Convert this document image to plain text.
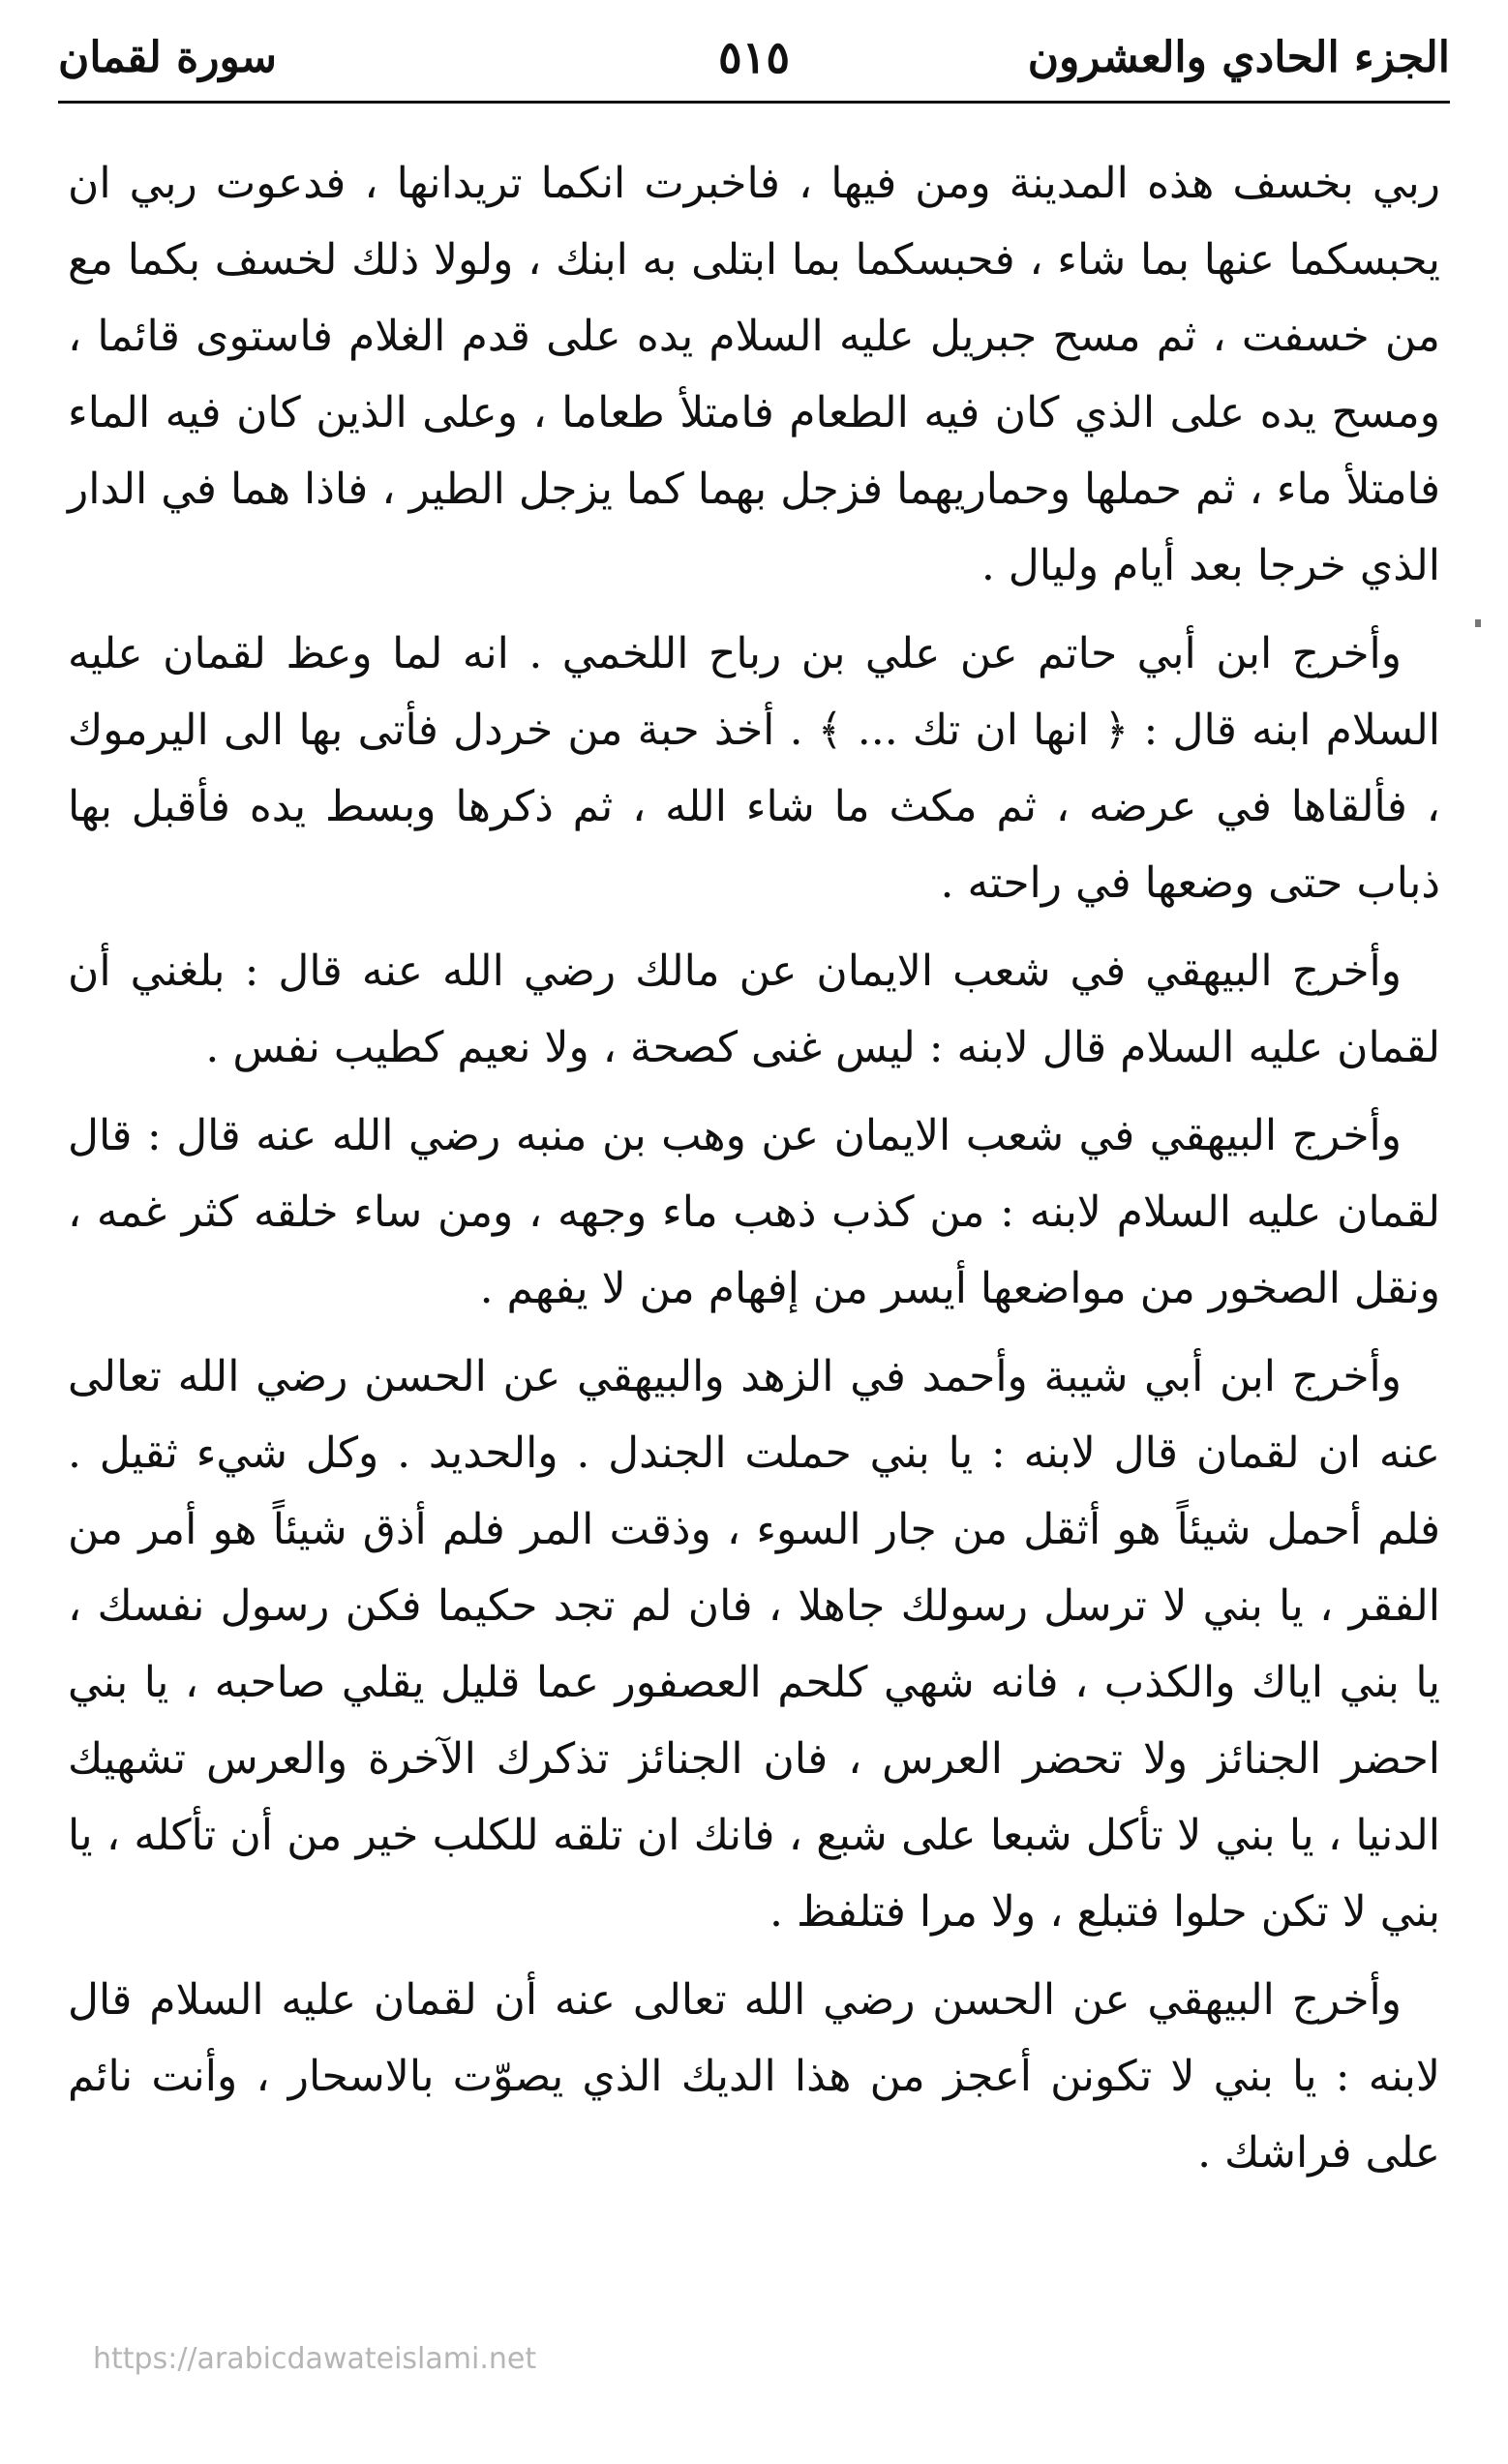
الجزء الحادي والعشرون
٥١٥
سورة لقمان

ربي بخسف هذه المدينة ومن فيها ، فاخبرت انكما تريدانها ، فدعوت ربي ان يحبسكما عنها بما شاء ، فحبسكما بما ابتلى به ابنك ، ولولا ذلك لخسف بكما مع من خسفت ، ثم مسح جبريل عليه السلام يده على قدم الغلام فاستوى قائما ، ومسح يده على الذي كان فيه الطعام فامتلأ طعاما ، وعلى الذين كان فيه الماء فامتلأ ماء ، ثم حملها وحماريهما فزجل بهما كما يزجل الطير ، فاذا هما في الدار الذي خرجا بعد أيام وليال .

وأخرج ابن أبي حاتم عن علي بن رباح اللخمي . انه لما وعظ لقمان عليه السلام ابنه قال : ﴿ انها ان تك ... ﴾ . أخذ حبة من خردل فأتى بها الى اليرموك ، فألقاها في عرضه ، ثم مكث ما شاء الله ، ثم ذكرها وبسط يده فأقبل بها ذباب حتى وضعها في راحته .

وأخرج البيهقي في شعب الايمان عن مالك رضي الله عنه قال : بلغني أن لقمان عليه السلام قال لابنه : ليس غنى كصحة ، ولا نعيم كطيب نفس .

وأخرج البيهقي في شعب الايمان عن وهب بن منبه رضي الله عنه قال : قال لقمان عليه السلام لابنه : من كذب ذهب ماء وجهه ، ومن ساء خلقه كثر غمه ، ونقل الصخور من مواضعها أيسر من إفهام من لا يفهم .

وأخرج ابن أبي شيبة وأحمد في الزهد والبيهقي عن الحسن رضي الله تعالى عنه ان لقمان قال لابنه : يا بني حملت الجندل . والحديد . وكل شيء ثقيل . فلم أحمل شيئاً هو أثقل من جار السوء ، وذقت المر فلم أذق شيئاً هو أمر من الفقر ، يا بني لا ترسل رسولك جاهلا ، فان لم تجد حكيما فكن رسول نفسك ، يا بني اياك والكذب ، فانه شهي كلحم العصفور عما قليل يقلي صاحبه ، يا بني احضر الجنائز ولا تحضر العرس ، فان الجنائز تذكرك الآخرة والعرس تشهيك الدنيا ، يا بني لا تأكل شبعا على شبع ، فانك ان تلقه للكلب خير من أن تأكله ، يا بني لا تكن حلوا فتبلع ، ولا مرا فتلفظ .

وأخرج البيهقي عن الحسن رضي الله تعالى عنه أن لقمان عليه السلام قال لابنه : يا بني لا تكونن أعجز من هذا الديك الذي يصوّت بالاسحار ، وأنت نائم على فراشك .

https://arabicdawateislami.net
